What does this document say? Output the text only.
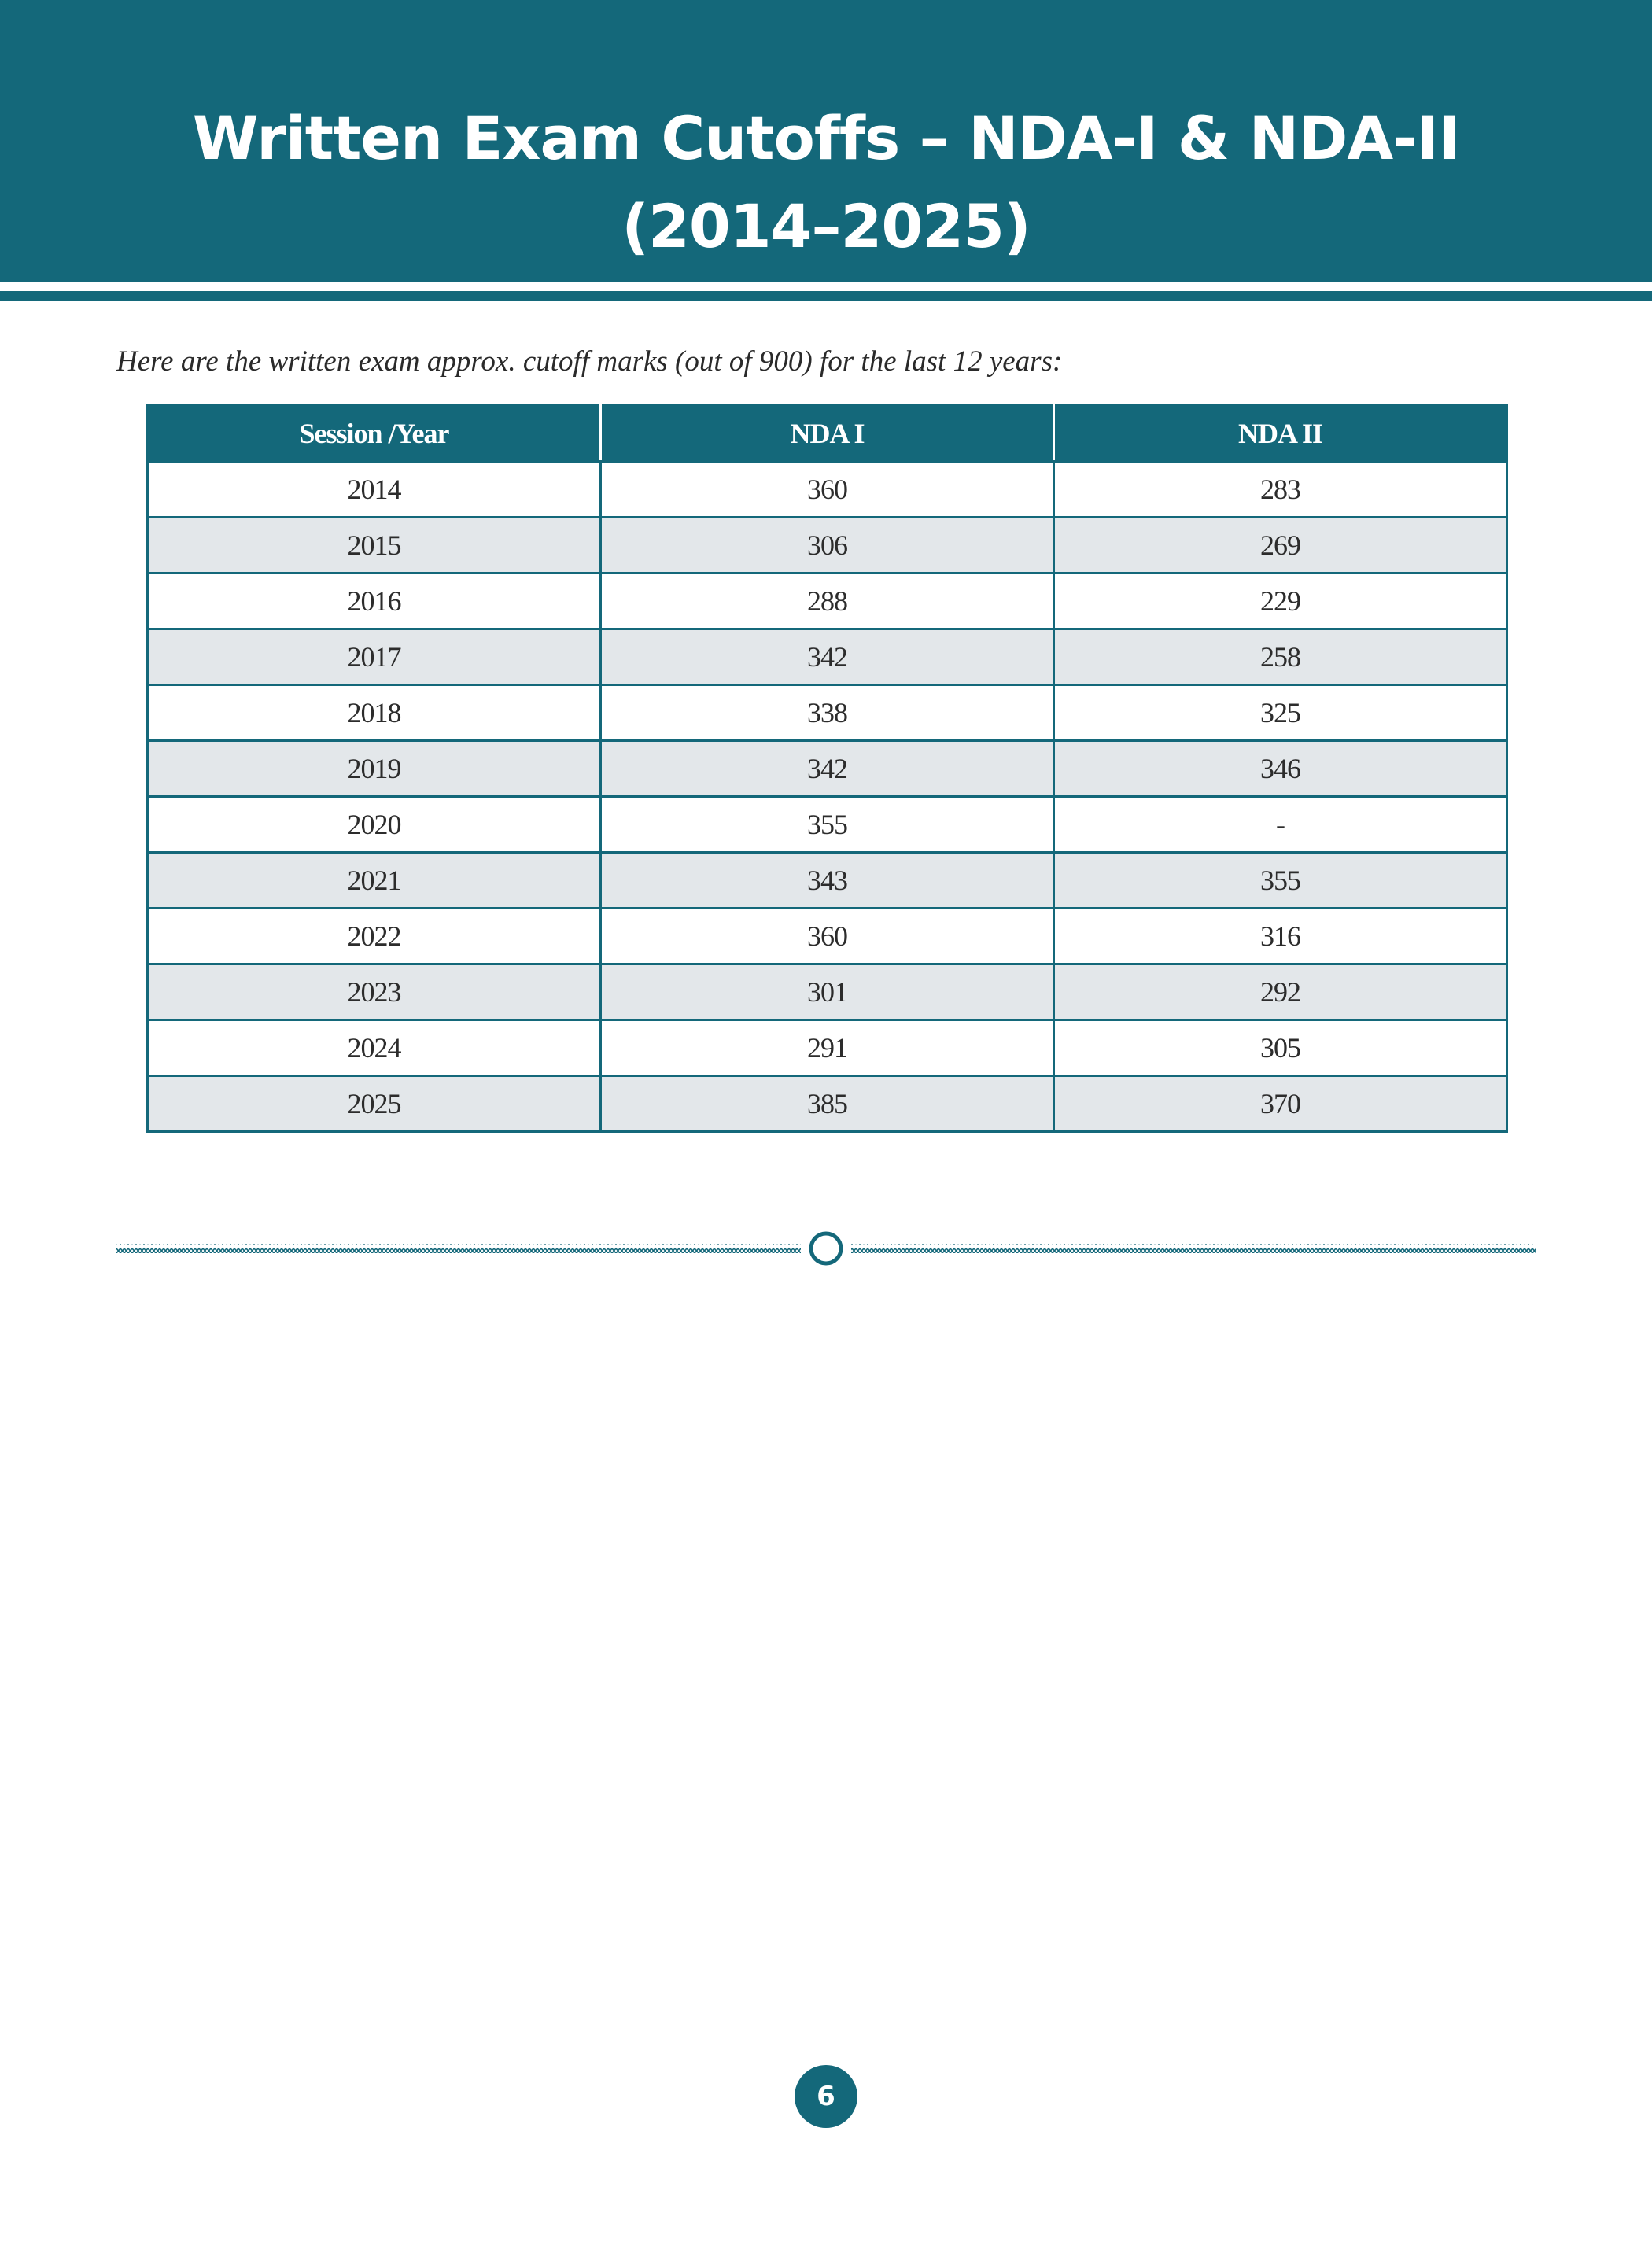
Written Exam Cutoffs – NDA-I & NDA-II
(2014–2025)
Here are the written exam approx. cutoff marks (out of 900) for the last 12 years:
Session /Year	NDA I	NDA II
2014	360	283
2015	306	269
2016	288	229
2017	342	258
2018	338	325
2019	342	346
2020	355	-
2021	343	355
2022	360	316
2023	301	292
2024	291	305
2025	385	370
6
